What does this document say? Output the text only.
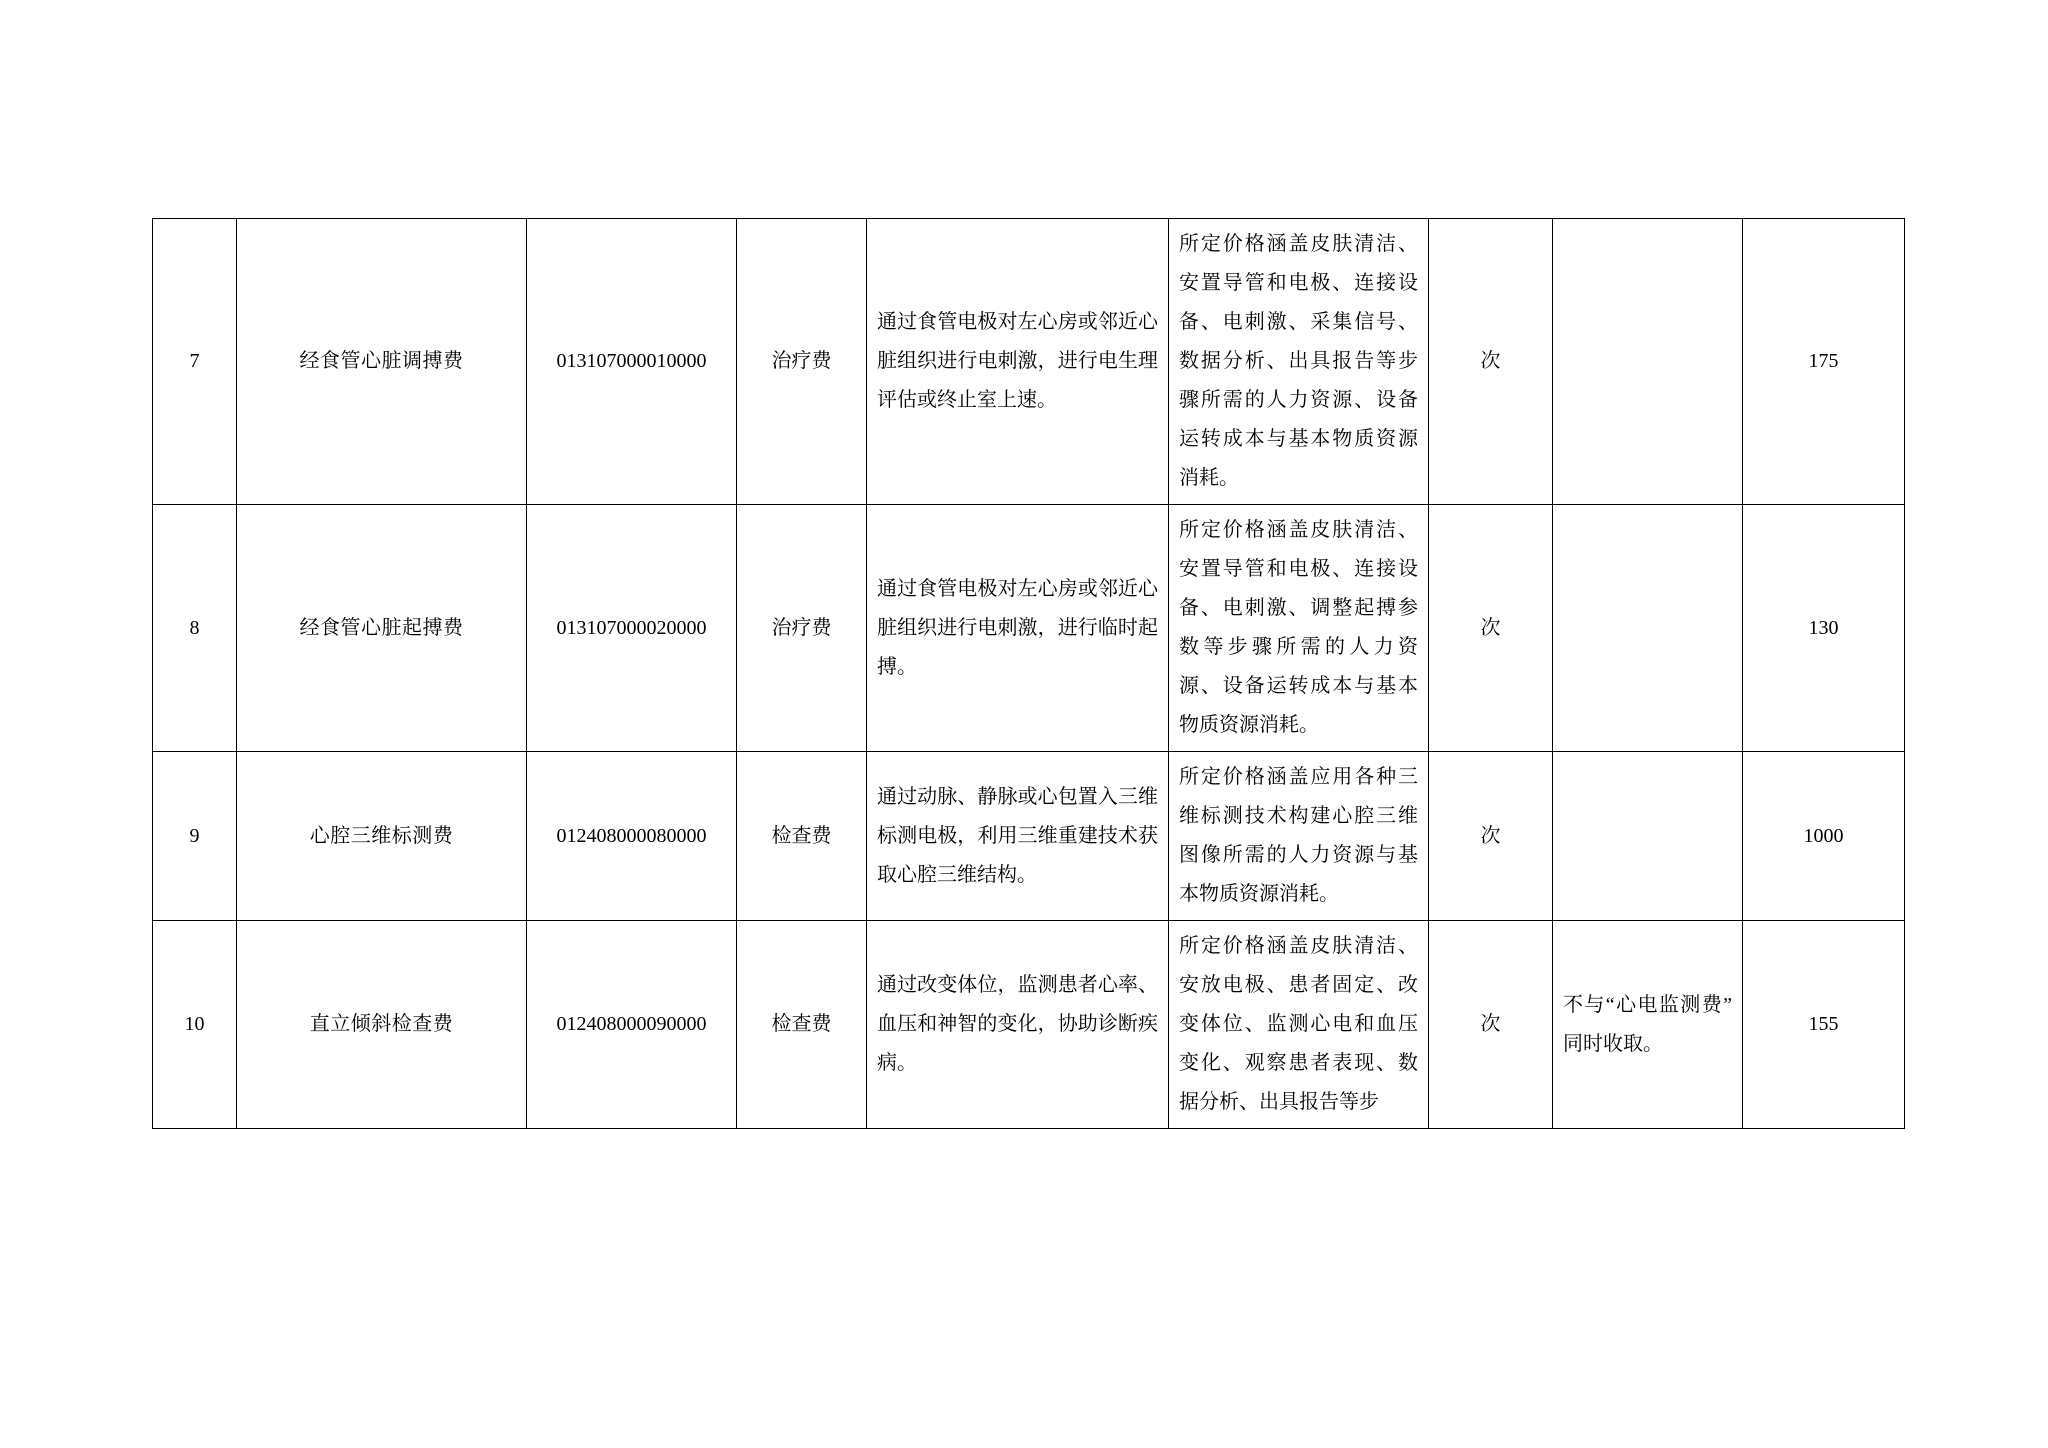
7	经食管心脏调搏费	013107000010000	治疗费	通过食管电极对左心房或邻近心脏组织进行电刺激，进行电生理评估或终止室上速。	所定价格涵盖皮肤清洁、安置导管和电极、连接设备、电刺激、采集信号、数据分析、出具报告等步骤所需的人力资源、设备运转成本与基本物质资源消耗。	次		175
8	经食管心脏起搏费	013107000020000	治疗费	通过食管电极对左心房或邻近心脏组织进行电刺激，进行临时起搏。	所定价格涵盖皮肤清洁、安置导管和电极、连接设备、电刺激、调整起搏参数等步骤所需的人力资源、设备运转成本与基本物质资源消耗。	次		130
9	心腔三维标测费	012408000080000	检查费	通过动脉、静脉或心包置入三维标测电极，利用三维重建技术获取心腔三维结构。	所定价格涵盖应用各种三维标测技术构建心腔三维图像所需的人力资源与基本物质资源消耗。	次		1000
10	直立倾斜检查费	012408000090000	检查费	通过改变体位，监测患者心率、血压和神智的变化，协助诊断疾病。	所定价格涵盖皮肤清洁、安放电极、患者固定、改变体位、监测心电和血压变化、观察患者表现、数据分析、出具报告等步	次	不与“心电监测费”同时收取。	155
